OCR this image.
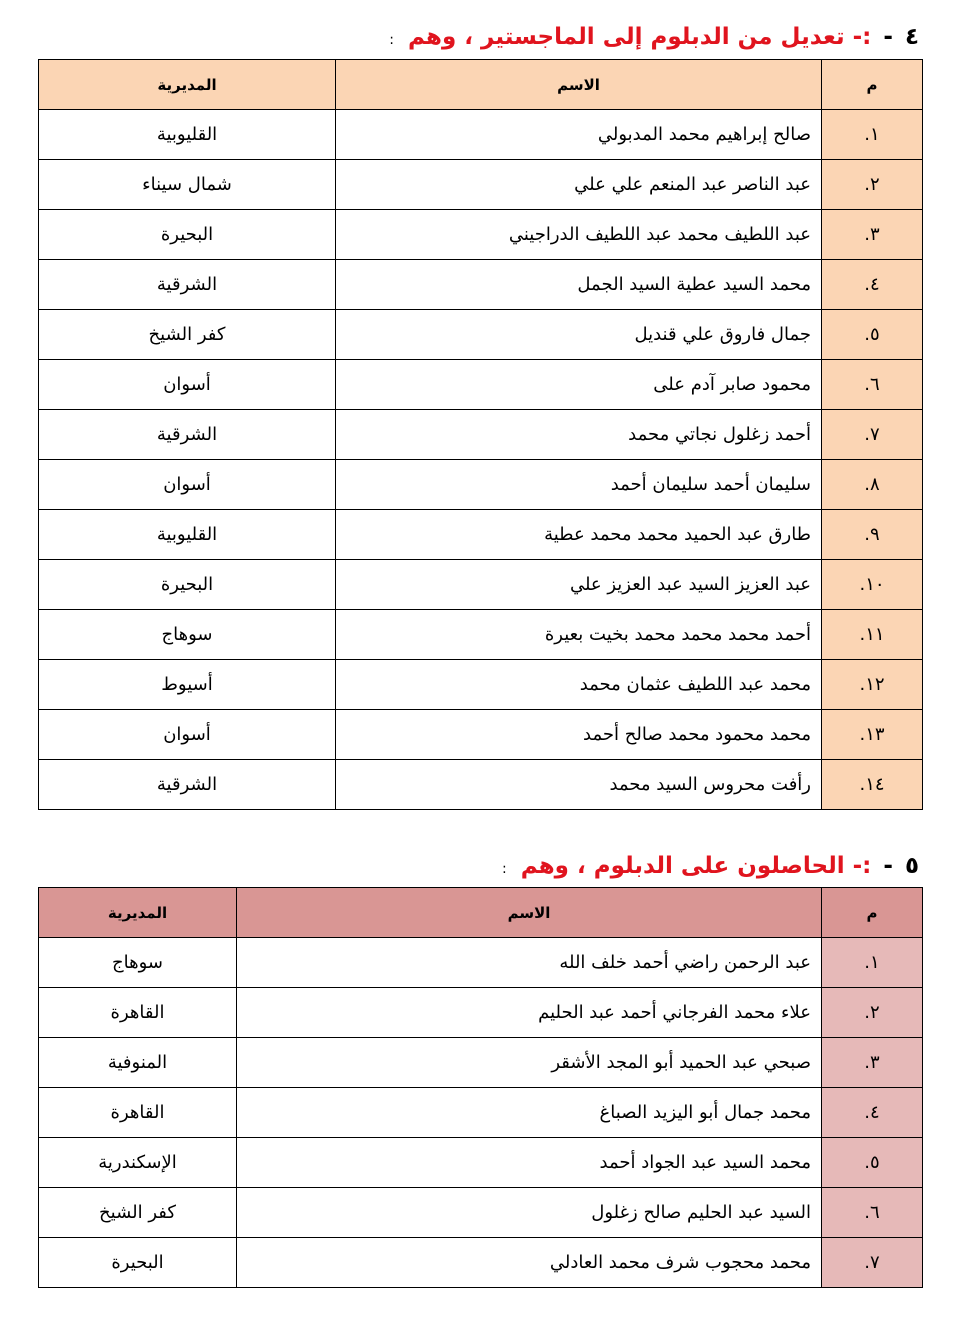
٤ - :- تعديل من الدبلوم إلى الماجستير ، وهم :
م	الاسم	المديرية
١.	صالح إبراهيم محمد المدبولي	القليوبية
٢.	عبد الناصر عبد المنعم علي علي	شمال سيناء
٣.	عبد اللطيف محمد عبد اللطيف الدراجيني	البحيرة
٤.	محمد السيد عطية السيد الجمل	الشرقية
٥.	جمال فاروق علي قنديل	كفر الشيخ
٦.	محمود صابر آدم على	أسوان
٧.	أحمد زغلول نجاتي محمد	الشرقية
٨.	سليمان أحمد سليمان أحمد	أسوان
٩.	طارق عبد الحميد محمد محمد عطية	القليوبية
١٠.	عبد العزيز السيد عبد العزيز علي	البحيرة
١١.	أحمد محمد محمد محمد بخيت بعيرة	سوهاج
١٢.	محمد عبد اللطيف عثمان محمد	أسيوط
١٣.	محمد محمود محمد صالح أحمد	أسوان
١٤.	رأفت محروس السيد محمد	الشرقية
٥ - :- الحاصلون على الدبلوم ، وهم :
م	الاسم	المديرية
١.	عبد الرحمن راضي أحمد خلف الله	سوهاج
٢.	علاء محمد الفرجاني أحمد عبد الحليم	القاهرة
٣.	صبحي عبد الحميد أبو المجد الأشقر	المنوفية
٤.	محمد جمال أبو اليزيد الصباغ	القاهرة
٥.	محمد السيد عبد الجواد أحمد	الإسكندرية
٦.	السيد عبد الحليم صالح زغلول	كفر الشيخ
٧.	محمد محجوب شرف محمد العادلي	البحيرة
